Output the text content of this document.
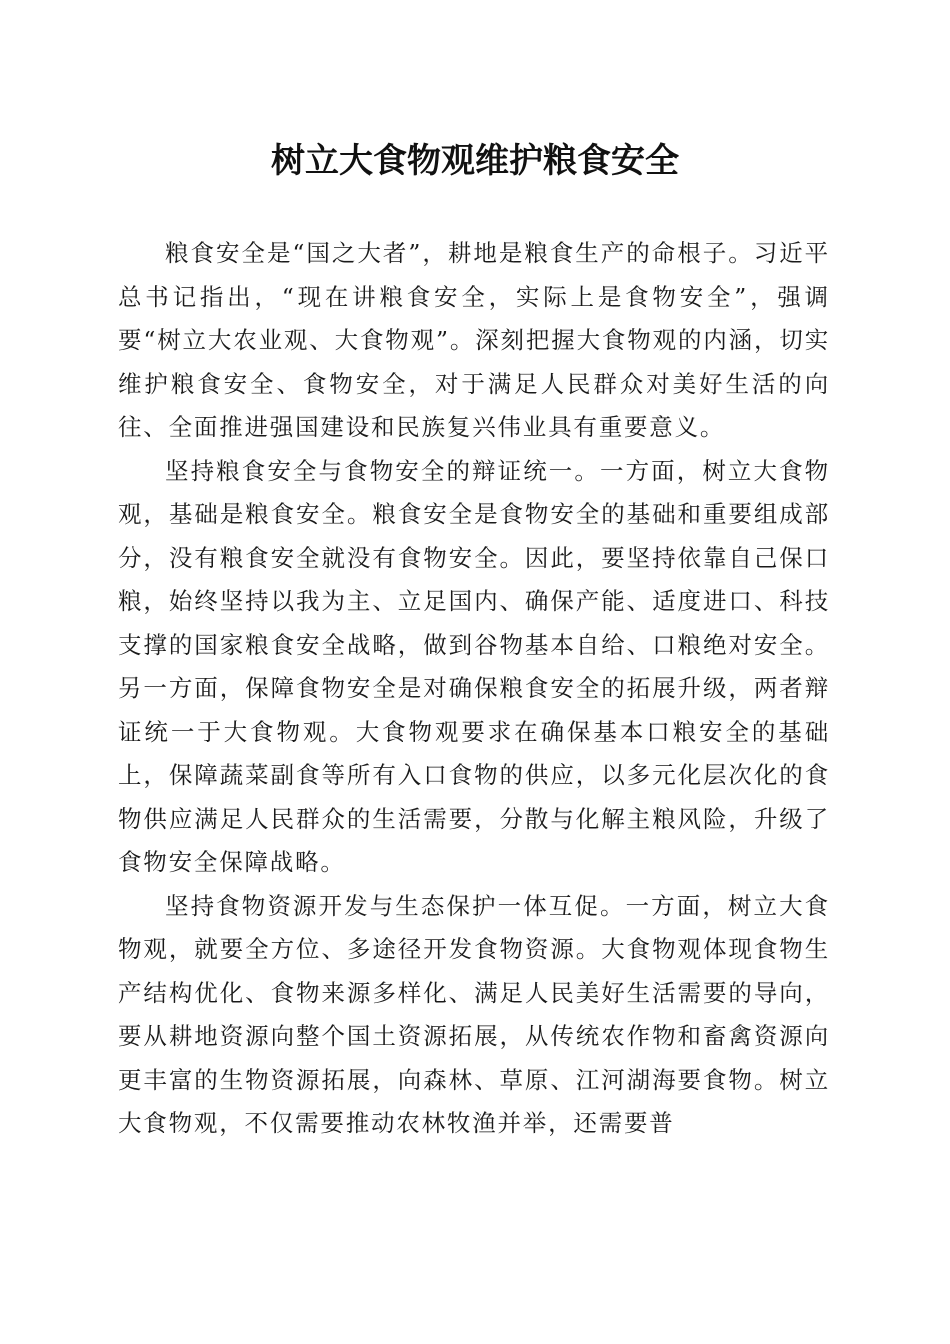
树立大食物观维护粮食安全

粮食安全是“国之大者”，耕地是粮食生产的命根子。习近平总书记指出，“现在讲粮食安全，实际上是食物安全”，强调要“树立大农业观、大食物观”。深刻把握大食物观的内涵，切实维护粮食安全、食物安全，对于满足人民群众对美好生活的向往、全面推进强国建设和民族复兴伟业具有重要意义。

坚持粮食安全与食物安全的辩证统一。一方面，树立大食物观，基础是粮食安全。粮食安全是食物安全的基础和重要组成部分，没有粮食安全就没有食物安全。因此，要坚持依靠自己保口粮，始终坚持以我为主、立足国内、确保产能、适度进口、科技支撑的国家粮食安全战略，做到谷物基本自给、口粮绝对安全。另一方面，保障食物安全是对确保粮食安全的拓展升级，两者辩证统一于大食物观。大食物观要求在确保基本口粮安全的基础上，保障蔬菜副食等所有入口食物的供应，以多元化层次化的食物供应满足人民群众的生活需要，分散与化解主粮风险，升级了食物安全保障战略。

坚持食物资源开发与生态保护一体互促。一方面，树立大食物观，就要全方位、多途径开发食物资源。大食物观体现食物生产结构优化、食物来源多样化、满足人民美好生活需要的导向，要从耕地资源向整个国土资源拓展，从传统农作物和畜禽资源向更丰富的生物资源拓展，向森林、草原、江河湖海要食物。树立大食物观，不仅需要推动农林牧渔并举，还需要普
